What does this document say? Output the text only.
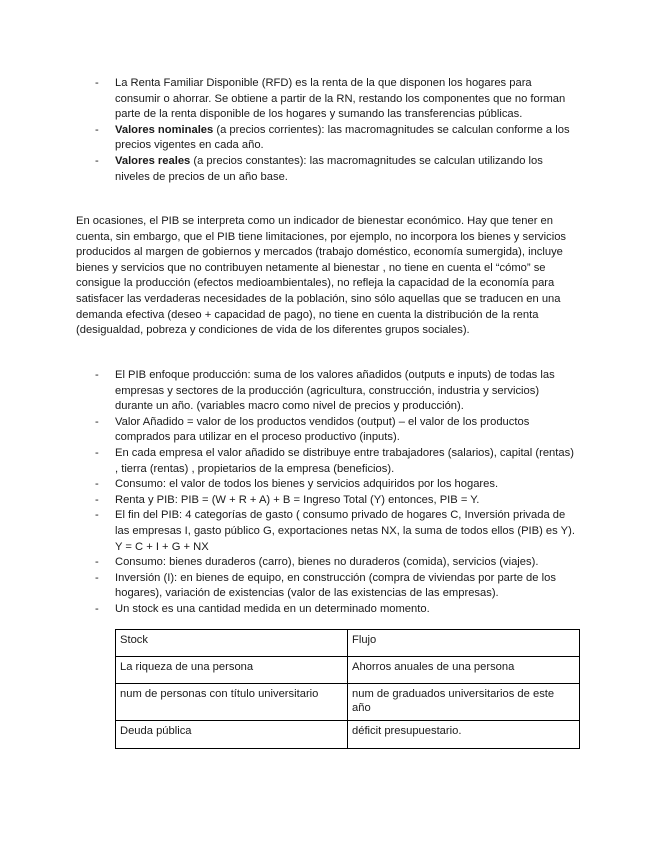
- La Renta Familiar Disponible (RFD) es la renta de la que disponen los hogares para consumir o ahorrar. Se obtiene a partir de la RN, restando los componentes que no forman parte de la renta disponible de los hogares y sumando las transferencias públicas.
- Valores nominales (a precios corrientes): las macromagnitudes se calculan conforme a los precios vigentes en cada año.
- Valores reales (a precios constantes): las macromagnitudes se calculan utilizando los niveles de precios de un año base.
En ocasiones, el PIB se interpreta como un indicador de bienestar económico. Hay que tener en cuenta, sin embargo, que el PIB tiene limitaciones, por ejemplo, no incorpora los bienes y servicios producidos al margen de gobiernos y mercados (trabajo doméstico, economía sumergida), incluye bienes y servicios que no contribuyen netamente al bienestar , no tiene en cuenta el “cómo” se consigue la producción (efectos medioambientales), no refleja la capacidad de la economía para satisfacer las verdaderas necesidades de la población, sino sólo aquellas que se traducen en una demanda efectiva (deseo + capacidad de pago), no tiene en cuenta la distribución de la renta (desigualdad, pobreza y condiciones de vida de los diferentes grupos sociales).
- El PIB enfoque producción: suma de los valores añadidos (outputs e inputs) de todas las empresas y sectores de la producción (agricultura, construcción, industria y servicios) durante un año. (variables macro como nivel de precios y producción).
- Valor Añadido = valor de los productos vendidos (output) – el valor de los productos comprados para utilizar en el proceso productivo (inputs).
- En cada empresa el valor añadido se distribuye entre trabajadores (salarios), capital (rentas) , tierra (rentas) , propietarios de la empresa (beneficios).
- Consumo: el valor de todos los bienes y servicios adquiridos por los hogares.
- Renta y PIB: PIB = (W + R + A) + B = Ingreso Total (Y) entonces, PIB = Y.
- El fin del PIB: 4 categorías de gasto ( consumo privado de hogares C, Inversión privada de las empresas I, gasto público G, exportaciones netas NX, la suma de todos ellos (PIB) es Y). Y = C + I + G + NX
- Consumo: bienes duraderos (carro), bienes no duraderos (comida), servicios (viajes).
- Inversión (I): en bienes de equipo, en construcción (compra de viviendas por parte de los hogares), variación de existencias (valor de las existencias de las empresas).
- Un stock es una cantidad medida en un determinado momento.
Stock	Flujo
La riqueza de una persona	Ahorros anuales de una persona
num de personas con título universitario	num de graduados universitarios de este año
Deuda pública	déficit presupuestario.
